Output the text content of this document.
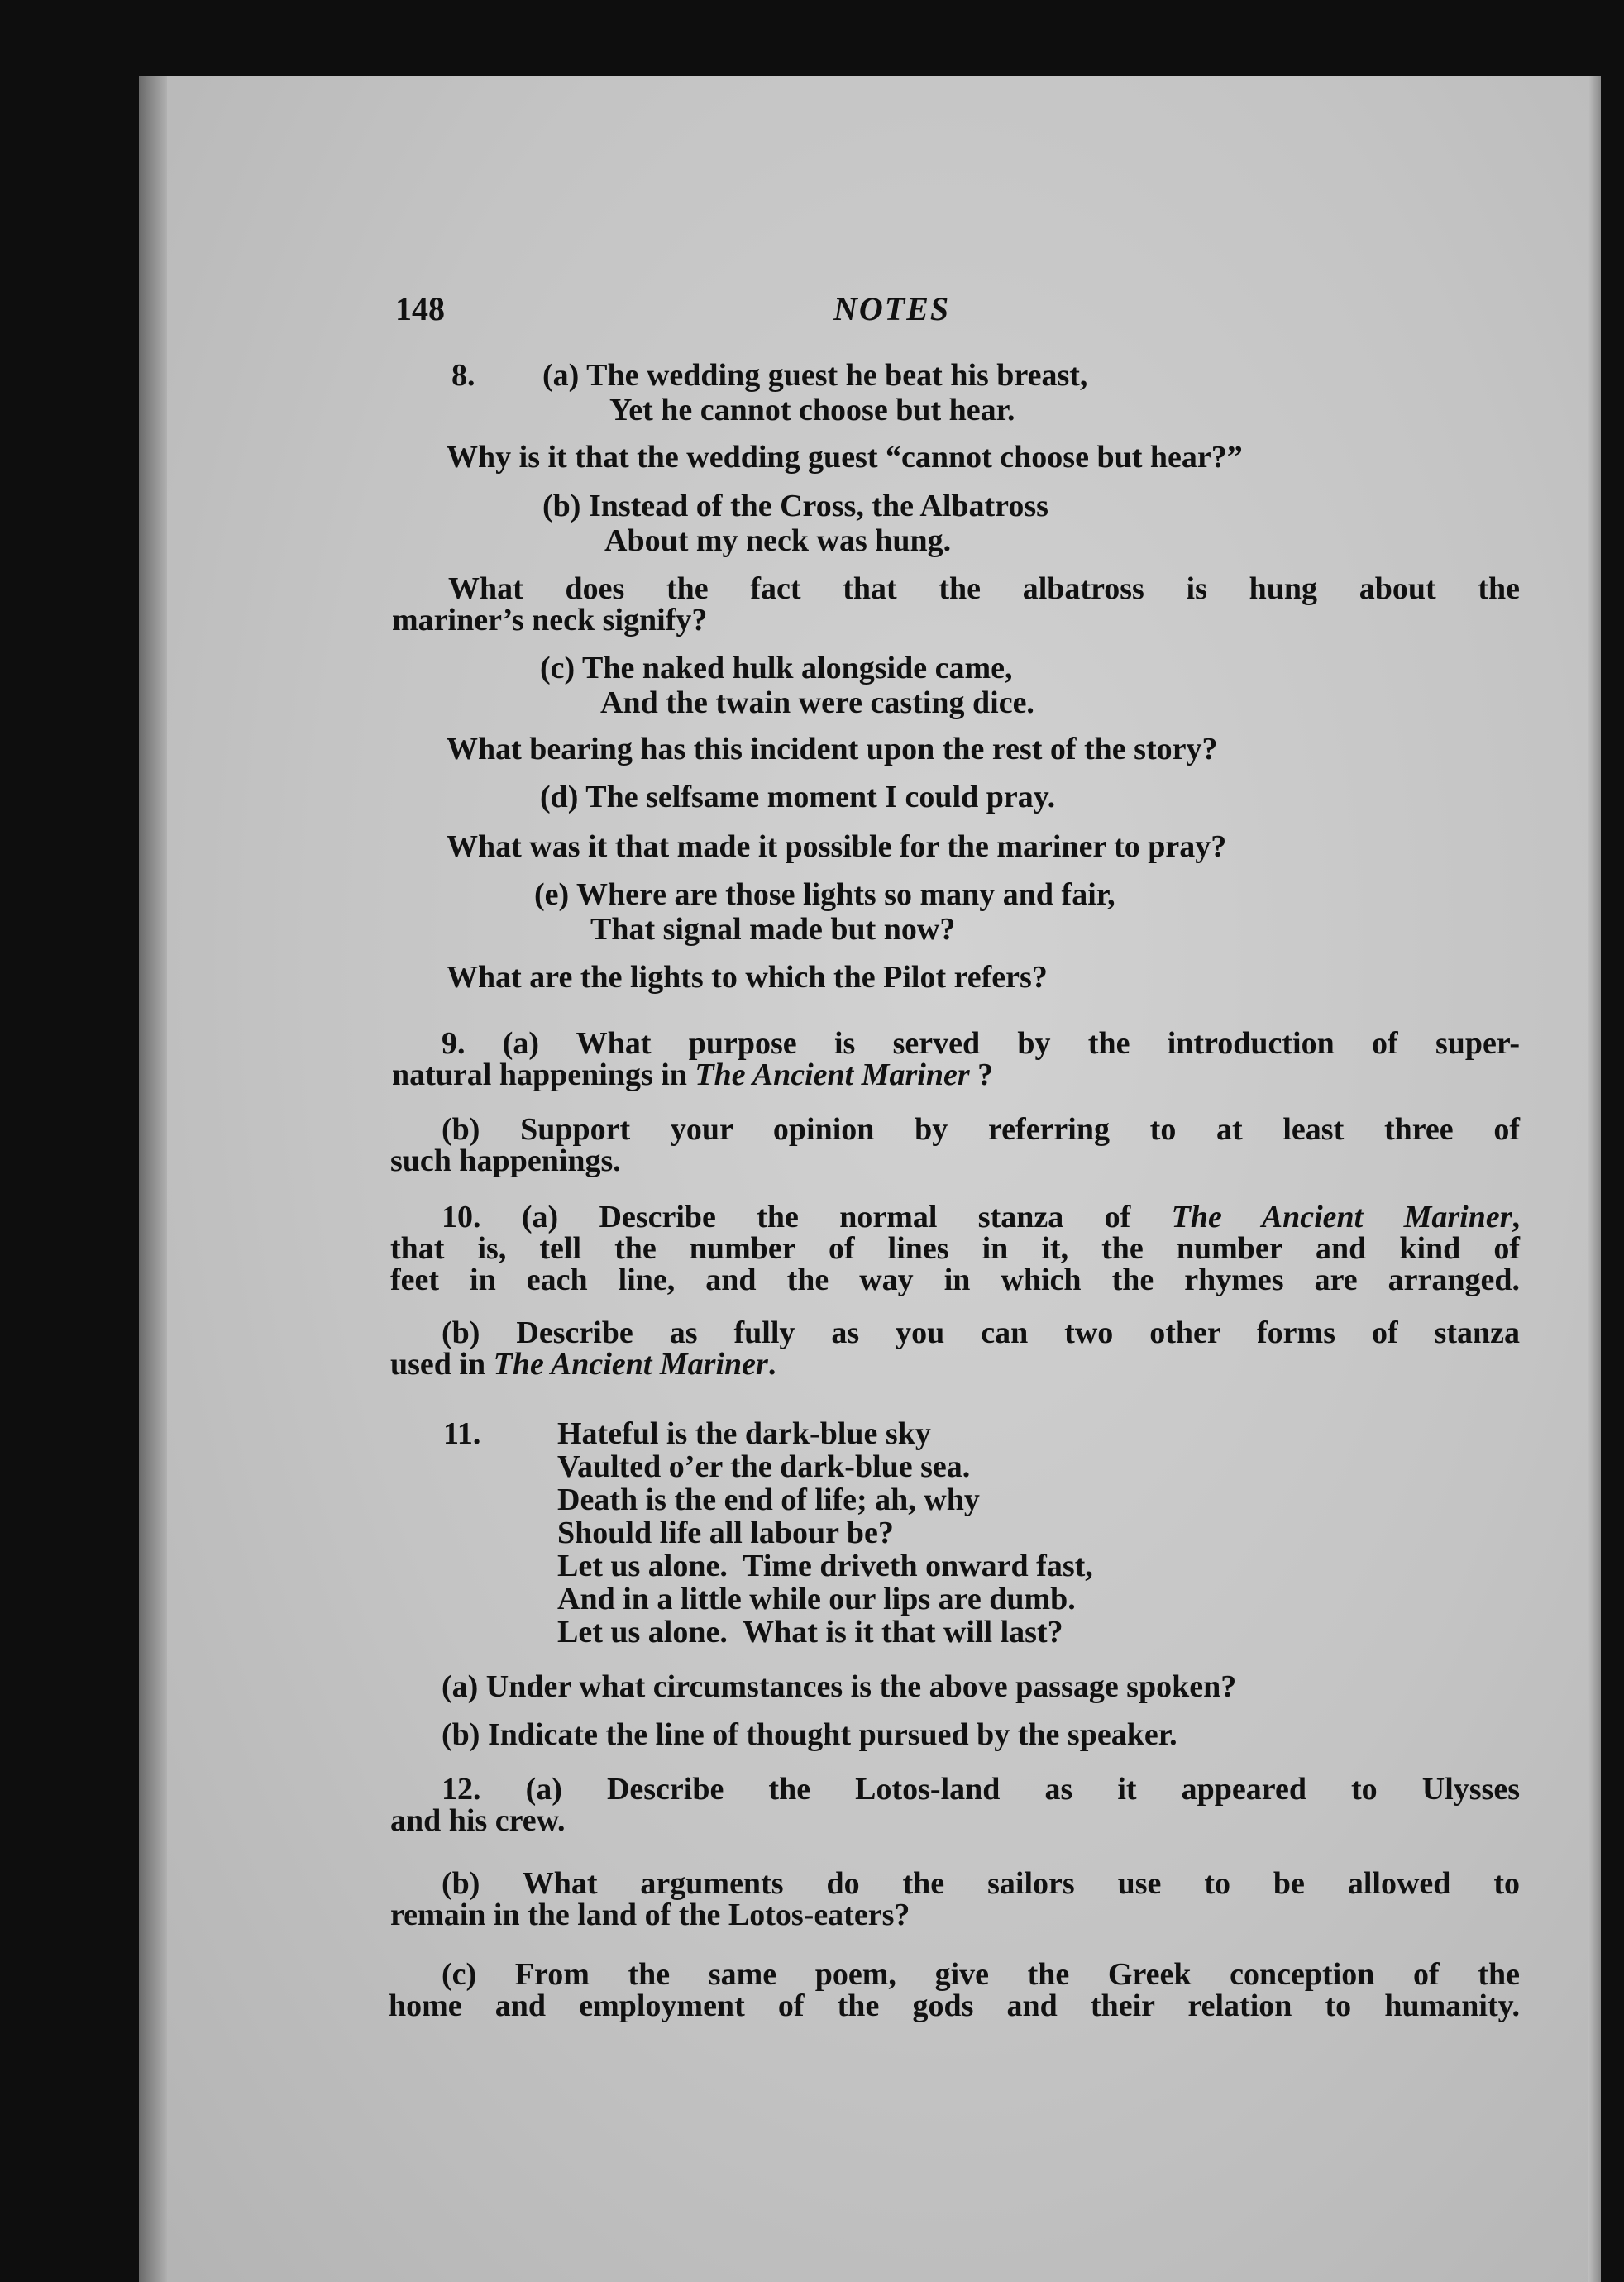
148	NOTES

8. (a) The wedding guest he beat his breast,

Yet he cannot choose but hear.

Why is it that the wedding guest “cannot choose but hear?”

(b) Instead of the Cross, the Albatross

About my neck was hung.

What does the fact that the albatross is hung about the

mariner’s neck signify?

(c) The naked hulk alongside came,

And the twain were casting dice.

What bearing has this incident upon the rest of the story?

(d) The selfsame moment I could pray.

What was it that made it possible for the mariner to pray?

(e) Where are those lights so many and fair,

That signal made but now?

What are the lights to which the Pilot refers?

9. (a) What purpose is served by the introduction of super-

natural happenings in The Ancient Mariner ?

(b) Support your opinion by referring to at least three of

such happenings.

10. (a) Describe the normal stanza of The Ancient Mariner,

that is, tell the number of lines in it, the number and kind of

feet in each line, and the way in which the rhymes are arranged.

(b) Describe as fully as you can two other forms of stanza

used in The Ancient Mariner.

11. Hateful is the dark-blue sky

Vaulted o’er the dark-blue sea.

Death is the end of life; ah, why

Should life all labour be?

Let us alone.  Time driveth onward fast,

And in a little while our lips are dumb.

Let us alone.  What is it that will last?

(a) Under what circumstances is the above passage spoken?

(b) Indicate the line of thought pursued by the speaker.

12. (a) Describe the Lotos-land as it appeared to Ulysses

and his crew.

(b) What arguments do the sailors use to be allowed to

remain in the land of the Lotos-eaters?

(c) From the same poem, give the Greek conception of the

home and employment of the gods and their relation to humanity.
